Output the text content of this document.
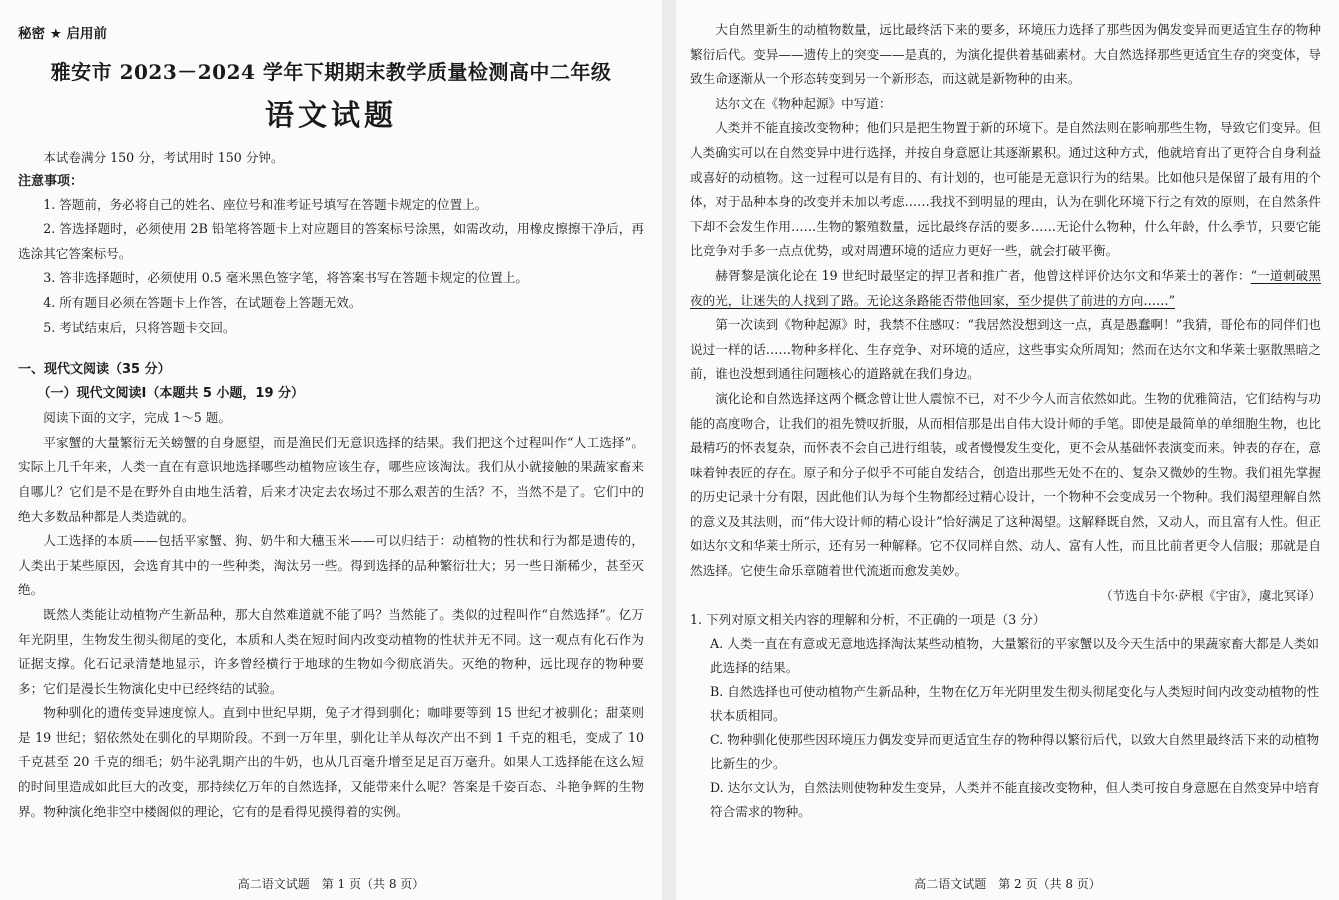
秘密 ★ 启用前

雅安市 2023－2024 学年下期期末教学质量检测高中二年级

语文试题

本试卷满分 150 分，考试用时 150 分钟。

注意事项：

1. 答题前，务必将自己的姓名、座位号和准考证号填写在答题卡规定的位置上。

2. 答选择题时，必须使用 2B 铅笔将答题卡上对应题目的答案标号涂黑，如需改动，用橡皮擦擦干净后，再选涂其它答案标号。

3. 答非选择题时，必须使用 0.5 毫米黑色签字笔，将答案书写在答题卡规定的位置上。

4. 所有题目必须在答题卡上作答，在试题卷上答题无效。

5. 考试结束后，只将答题卡交回。

一、现代文阅读（35 分）

（一）现代文阅读Ⅰ（本题共 5 小题，19 分）

阅读下面的文字，完成 1～5 题。

平家蟹的大量繁衍无关螃蟹的自身愿望，而是渔民们无意识选择的结果。我们把这个过程叫作“人工选择”。实际上几千年来，人类一直在有意识地选择哪些动植物应该生存，哪些应该淘汰。我们从小就接触的果蔬家畜来自哪儿？它们是不是在野外自由地生活着，后来才决定去农场过不那么艰苦的生活？不，当然不是了。它们中的绝大多数品种都是人类造就的。

人工选择的本质——包括平家蟹、狗、奶牛和大穗玉米——可以归结于：动植物的性状和行为都是遗传的，人类出于某些原因，会选育其中的一些种类，淘汰另一些。得到选择的品种繁衍壮大；另一些日渐稀少，甚至灭绝。

既然人类能让动植物产生新品种，那大自然难道就不能了吗？当然能了。类似的过程叫作“自然选择”。亿万年光阴里，生物发生彻头彻尾的变化，本质和人类在短时间内改变动植物的性状并无不同。这一观点有化石作为证据支撑。化石记录清楚地显示，许多曾经横行于地球的生物如今彻底消失。灭绝的物种，远比现存的物种要多；它们是漫长生物演化史中已经终结的试验。

物种驯化的遗传变异速度惊人。直到中世纪早期，兔子才得到驯化；咖啡要等到 15 世纪才被驯化；甜菜则是 19 世纪；貂依然处在驯化的早期阶段。不到一万年里，驯化让羊从每次产出不到 1 千克的粗毛，变成了 10 千克甚至 20 千克的细毛；奶牛泌乳期产出的牛奶，也从几百毫升增至足足百万毫升。如果人工选择能在这么短的时间里造成如此巨大的改变，那持续亿万年的自然选择，又能带来什么呢？答案是千姿百态、斗艳争辉的生物界。物种演化绝非空中楼阁似的理论，它有的是看得见摸得着的实例。

高二语文试题　第 1 页（共 8 页）

大自然里新生的动植物数量，远比最终活下来的要多，环境压力选择了那些因为偶发变异而更适宜生存的物种繁衍后代。变异——遗传上的突变——是真的，为演化提供着基础素材。大自然选择那些更适宜生存的突变体，导致生命逐渐从一个形态转变到另一个新形态，而这就是新物种的由来。

达尔文在《物种起源》中写道：

人类并不能直接改变物种；他们只是把生物置于新的环境下。是自然法则在影响那些生物，导致它们变异。但人类确实可以在自然变异中进行选择，并按自身意愿让其逐渐累积。通过这种方式，他就培育出了更符合自身利益或喜好的动植物。这一过程可以是有目的、有计划的，也可能是无意识行为的结果。比如他只是保留了最有用的个体，对于品种本身的改变并未加以考虑……我找不到明显的理由，认为在驯化环境下行之有效的原则，在自然条件下却不会发生作用……生物的繁殖数量，远比最终存活的要多……无论什么物种，什么年龄，什么季节，只要它能比竞争对手多一点点优势，或对周遭环境的适应力更好一些，就会打破平衡。

赫胥黎是演化论在 19 世纪时最坚定的捍卫者和推广者，他曾这样评价达尔文和华莱士的著作：“一道刺破黑夜的光，让迷失的人找到了路。无论这条路能否带他回家，至少提供了前进的方向……”

第一次读到《物种起源》时，我禁不住感叹：“我居然没想到这一点，真是愚蠢啊！”我猜，哥伦布的同伴们也说过一样的话……物种多样化、生存竞争、对环境的适应，这些事实众所周知；然而在达尔文和华莱士驱散黑暗之前，谁也没想到通往问题核心的道路就在我们身边。

演化论和自然选择这两个概念曾让世人震惊不已，对不少今人而言依然如此。生物的优雅简洁，它们结构与功能的高度吻合，让我们的祖先赞叹折服，从而相信那是出自伟大设计师的手笔。即使是最简单的单细胞生物，也比最精巧的怀表复杂，而怀表不会自己进行组装，或者慢慢发生变化，更不会从基础怀表演变而来。钟表的存在，意味着钟表匠的存在。原子和分子似乎不可能自发结合，创造出那些无处不在的、复杂又微妙的生物。我们祖先掌握的历史记录十分有限，因此他们认为每个生物都经过精心设计，一个物种不会变成另一个物种。我们渴望理解自然的意义及其法则，而“伟大设计师的精心设计”恰好满足了这种渴望。这解释既自然，又动人，而且富有人性。但正如达尔文和华莱士所示，还有另一种解释。它不仅同样自然、动人、富有人性，而且比前者更令人信服；那就是自然选择。它使生命乐章随着世代流逝而愈发美妙。

（节选自卡尔·萨根《宇宙》，虞北冥译）

1. 下列对原文相关内容的理解和分析，不正确的一项是（3 分）

A. 人类一直在有意或无意地选择淘汰某些动植物，大量繁衍的平家蟹以及今天生活中的果蔬家畜大都是人类如此选择的结果。

B. 自然选择也可使动植物产生新品种，生物在亿万年光阴里发生彻头彻尾变化与人类短时间内改变动植物的性状本质相同。

C. 物种驯化使那些因环境压力偶发变异而更适宜生存的物种得以繁衍后代，以致大自然里最终活下来的动植物比新生的少。

D. 达尔文认为，自然法则使物种发生变异，人类并不能直接改变物种，但人类可按自身意愿在自然变异中培育符合需求的物种。

高二语文试题　第 2 页（共 8 页）
